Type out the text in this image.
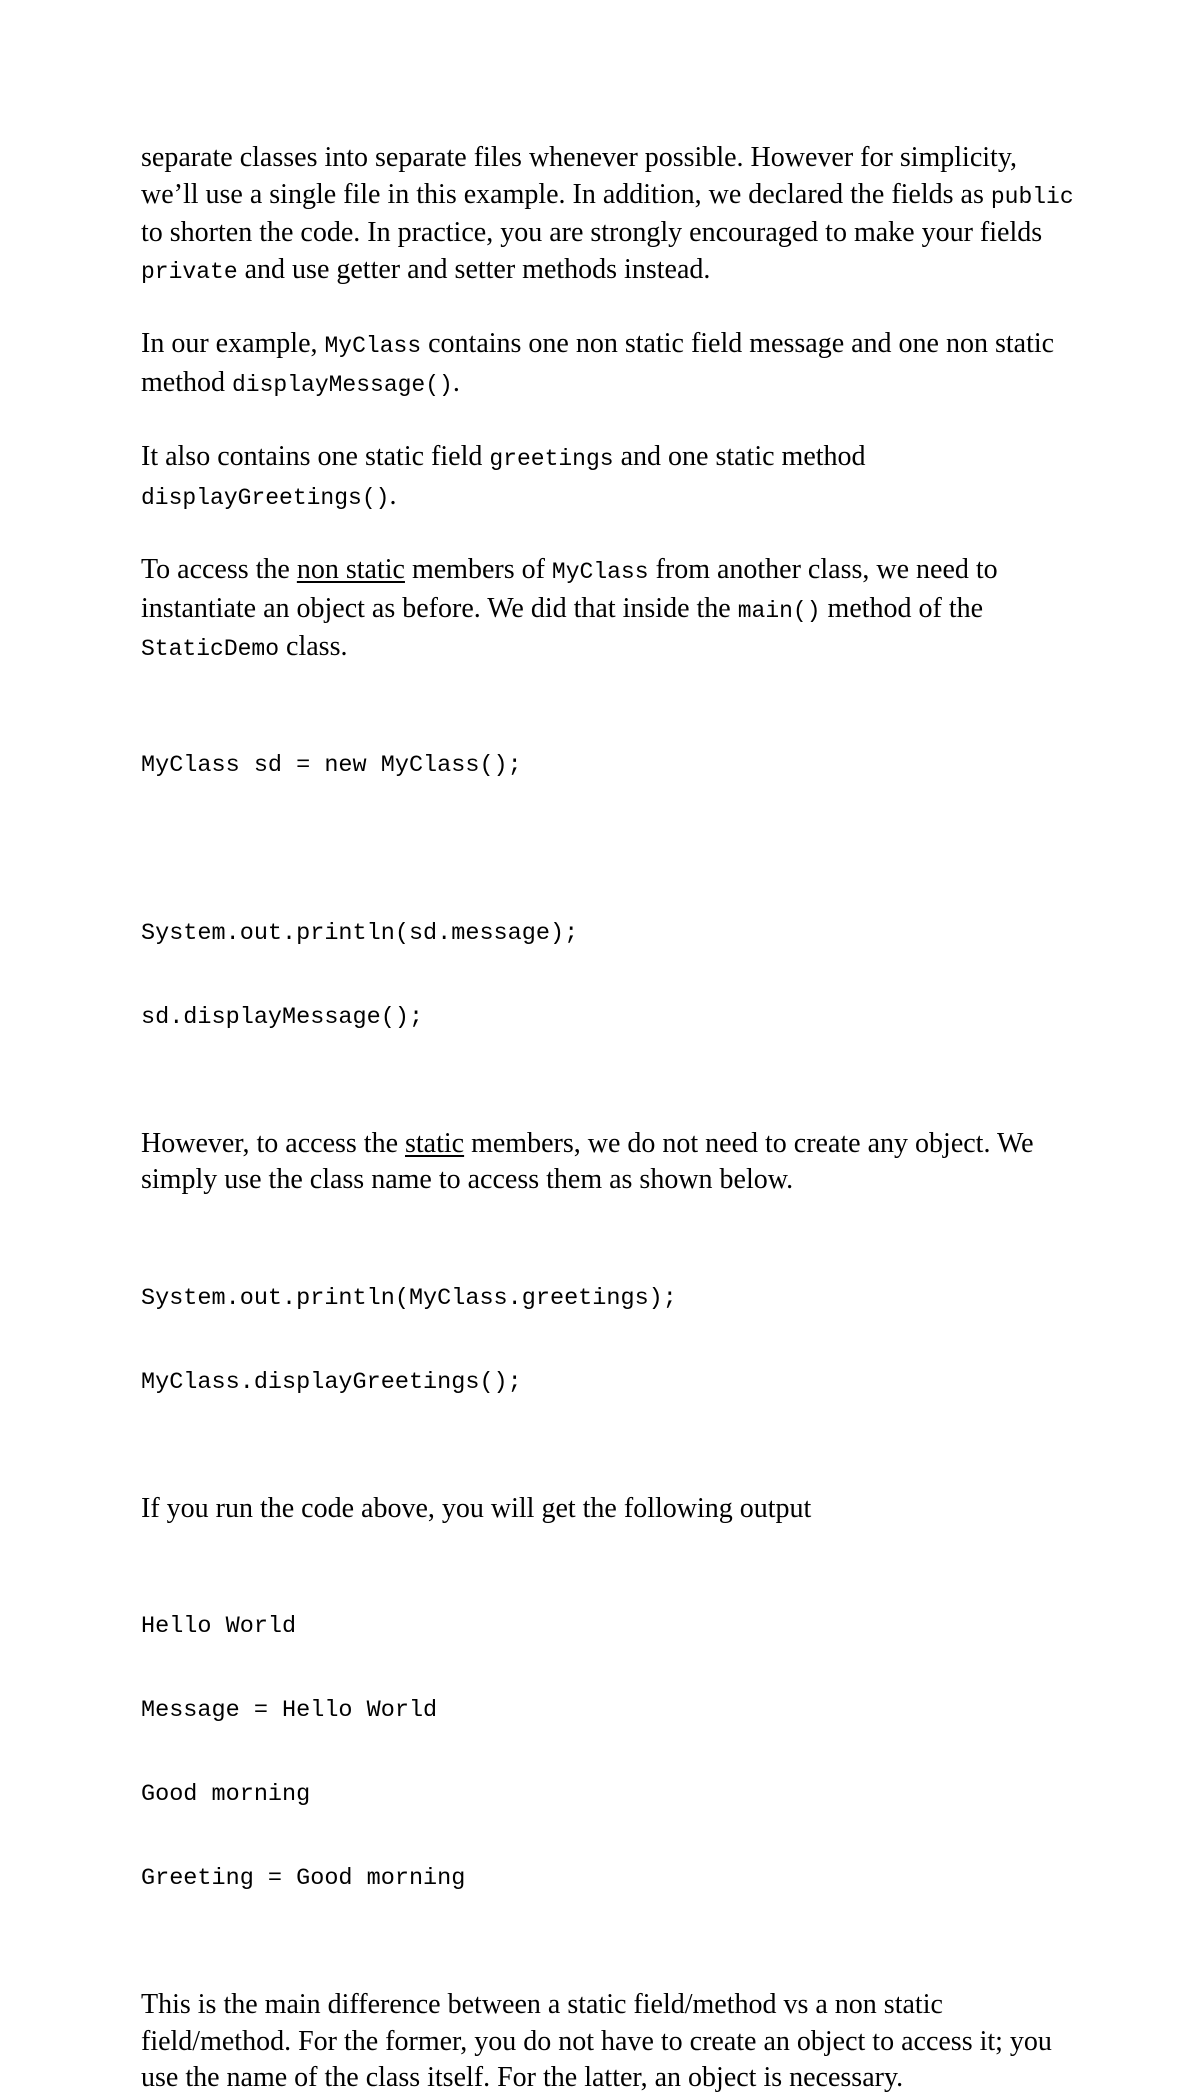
separate classes into separate files whenever possible. However for simplicity, we’ll use a single file in this example. In addition, we declared the fields as public to shorten the code. In practice, you are strongly encouraged to make your fields private and use getter and setter methods instead.

In our example, MyClass contains one non static field message and one non static method displayMessage().

It also contains one static field greetings and one static method
displayGreetings().

To access the non static members of MyClass from another class, we need to instantiate an object as before. We did that inside the main() method of the StaticDemo class.

MyClass sd = new MyClass();

System.out.println(sd.message);

sd.displayMessage();

However, to access the static members, we do not need to create any object. We simply use the class name to access them as shown below.

System.out.println(MyClass.greetings);

MyClass.displayGreetings();

If you run the code above, you will get the following output

Hello World

Message = Hello World

Good morning

Greeting = Good morning

This is the main difference between a static field/method vs a non static field/method. For the former, you do not have to create an object to access it; you use the name of the class itself. For the latter, an object is necessary.
